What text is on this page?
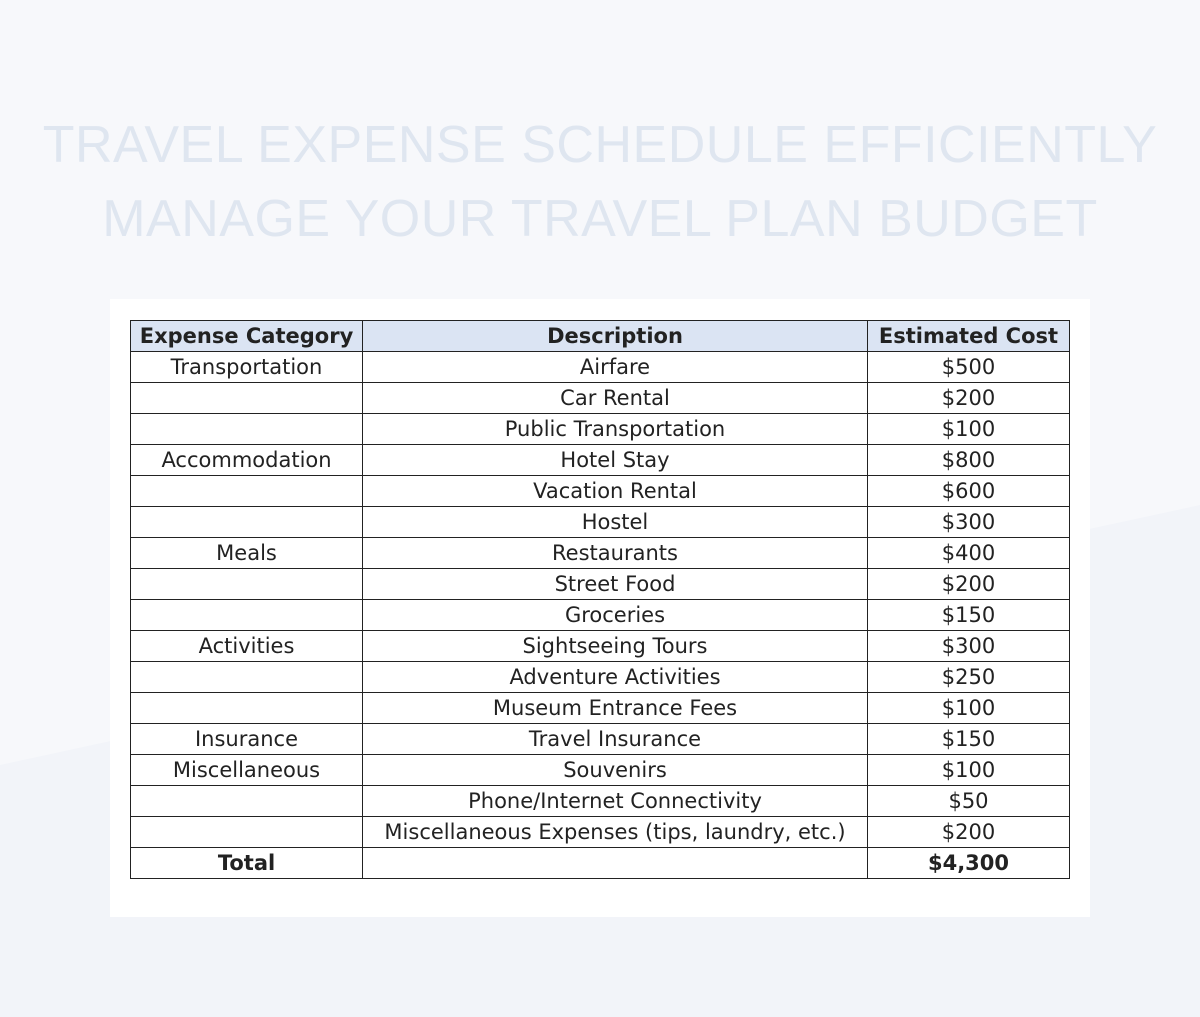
TRAVEL EXPENSE SCHEDULE EFFICIENTLY
MANAGE YOUR TRAVEL PLAN BUDGET
Expense Category	Description	Estimated Cost
Transportation	Airfare	$500
	Car Rental	$200
	Public Transportation	$100
Accommodation	Hotel Stay	$800
	Vacation Rental	$600
	Hostel	$300
Meals	Restaurants	$400
	Street Food	$200
	Groceries	$150
Activities	Sightseeing Tours	$300
	Adventure Activities	$250
	Museum Entrance Fees	$100
Insurance	Travel Insurance	$150
Miscellaneous	Souvenirs	$100
	Phone/Internet Connectivity	$50
	Miscellaneous Expenses (tips, laundry, etc.)	$200
Total		$4,300
